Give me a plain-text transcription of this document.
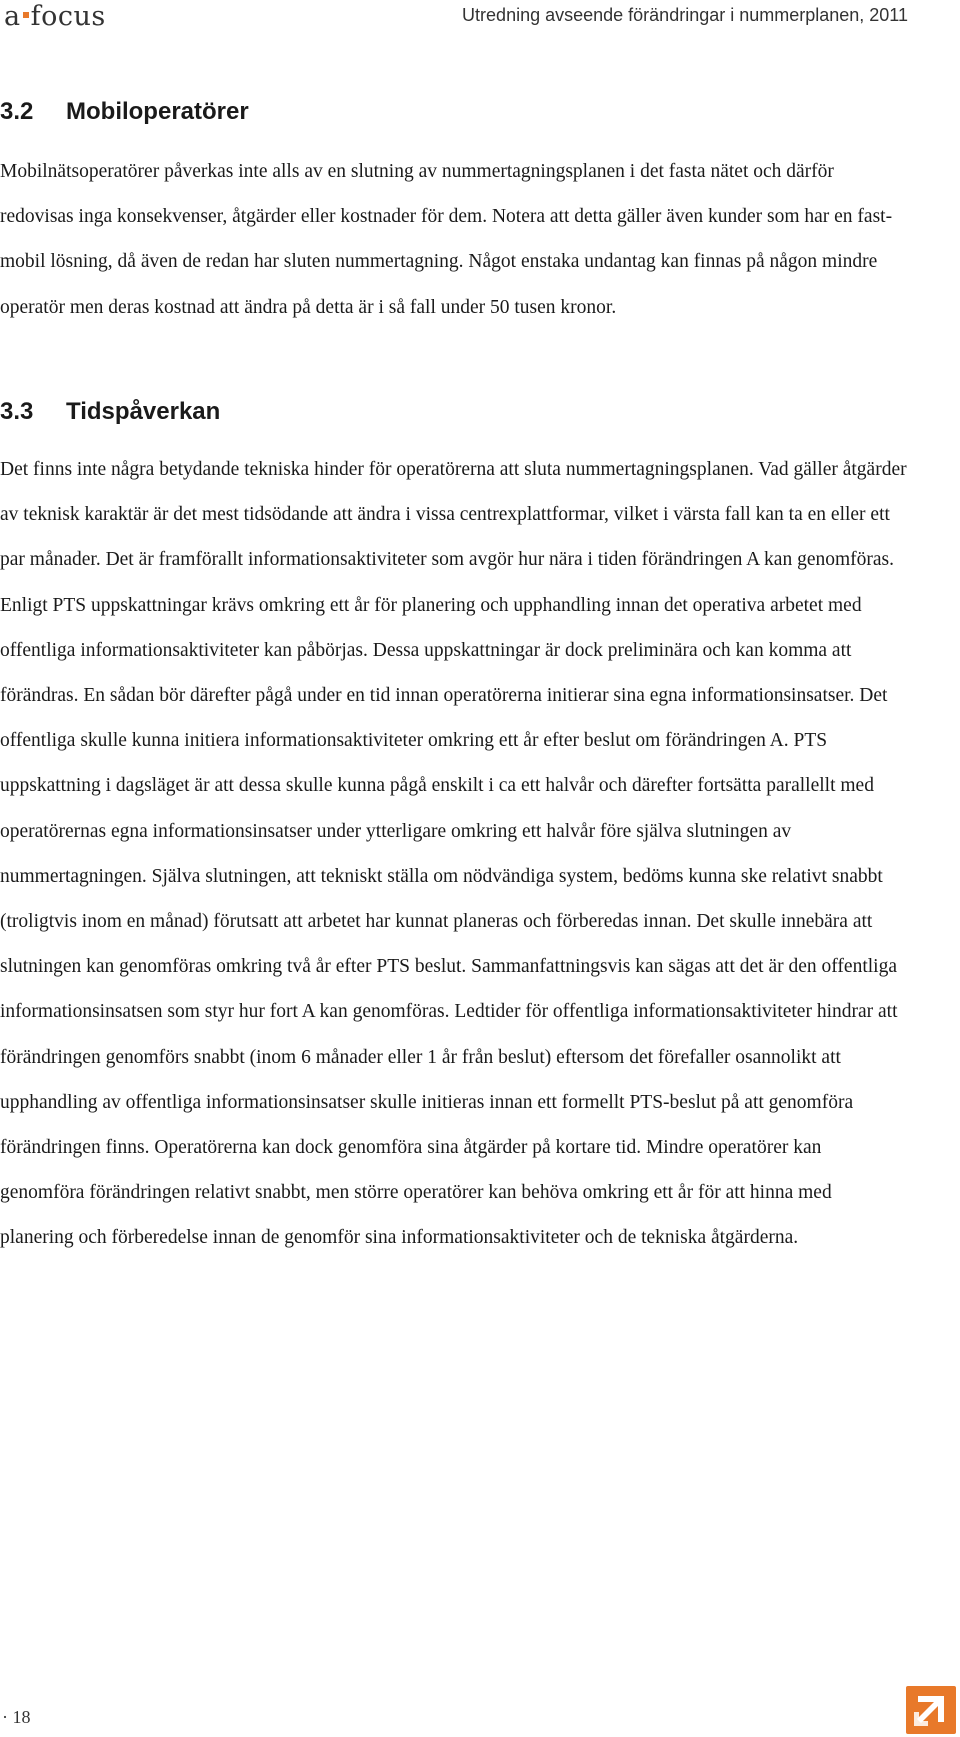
a focus	Utredning avseende förändringar i nummerplanen, 2011
3.2 Mobiloperatörer

Mobilnätsoperatörer påverkas inte alls av en slutning av nummertagningsplanen i det fasta nätet och därför redovisas inga konsekvenser, åtgärder eller kostnader för dem. Notera att detta gäller även kunder som har en fast-mobil lösning, då även de redan har sluten nummertagning. Något enstaka undantag kan finnas på någon mindre operatör men deras kostnad att ändra på detta är i så fall under 50 tusen kronor.

3.3 Tidspåverkan

Det finns inte några betydande tekniska hinder för operatörerna att sluta nummertagningsplanen. Vad gäller åtgärder av teknisk karaktär är det mest tidsödande att ändra i vissa centrexplattformar, vilket i värsta fall kan ta en eller ett par månader. Det är framförallt informationsaktiviteter som avgör hur nära i tiden förändringen A kan genomföras. Enligt PTS uppskattningar krävs omkring ett år för planering och upphandling innan det operativa arbetet med offentliga informationsaktiviteter kan påbörjas. Dessa uppskattningar är dock preliminära och kan komma att förändras. En sådan bör därefter pågå under en tid innan operatörerna initierar sina egna informationsinsatser. Det offentliga skulle kunna initiera informationsaktiviteter omkring ett år efter beslut om förändringen A. PTS uppskattning i dagsläget är att dessa skulle kunna pågå enskilt i ca ett halvår och därefter fortsätta parallellt med operatörernas egna informationsinsatser under ytterligare omkring ett halvår före själva slutningen av nummertagningen. Själva slutningen, att tekniskt ställa om nödvändiga system, bedöms kunna ske relativt snabbt (troligtvis inom en månad) förutsatt att arbetet har kunnat planeras och förberedas innan. Det skulle innebära att slutningen kan genomföras omkring två år efter PTS beslut. Sammanfattningsvis kan sägas att det är den offentliga informationsinsatsen som styr hur fort A kan genomföras. Ledtider för offentliga informationsaktiviteter hindrar att förändringen genomförs snabbt (inom 6 månader eller 1 år från beslut) eftersom det förefaller osannolikt att upphandling av offentliga informationsinsatser skulle initieras innan ett formellt PTS-beslut på att genomföra förändringen finns. Operatörerna kan dock genomföra sina åtgärder på kortare tid. Mindre operatörer kan genomföra förändringen relativt snabbt, men större operatörer kan behöva omkring ett år för att hinna med planering och förberedelse innan de genomför sina informationsaktiviteter och de tekniska åtgärderna.

· 18
